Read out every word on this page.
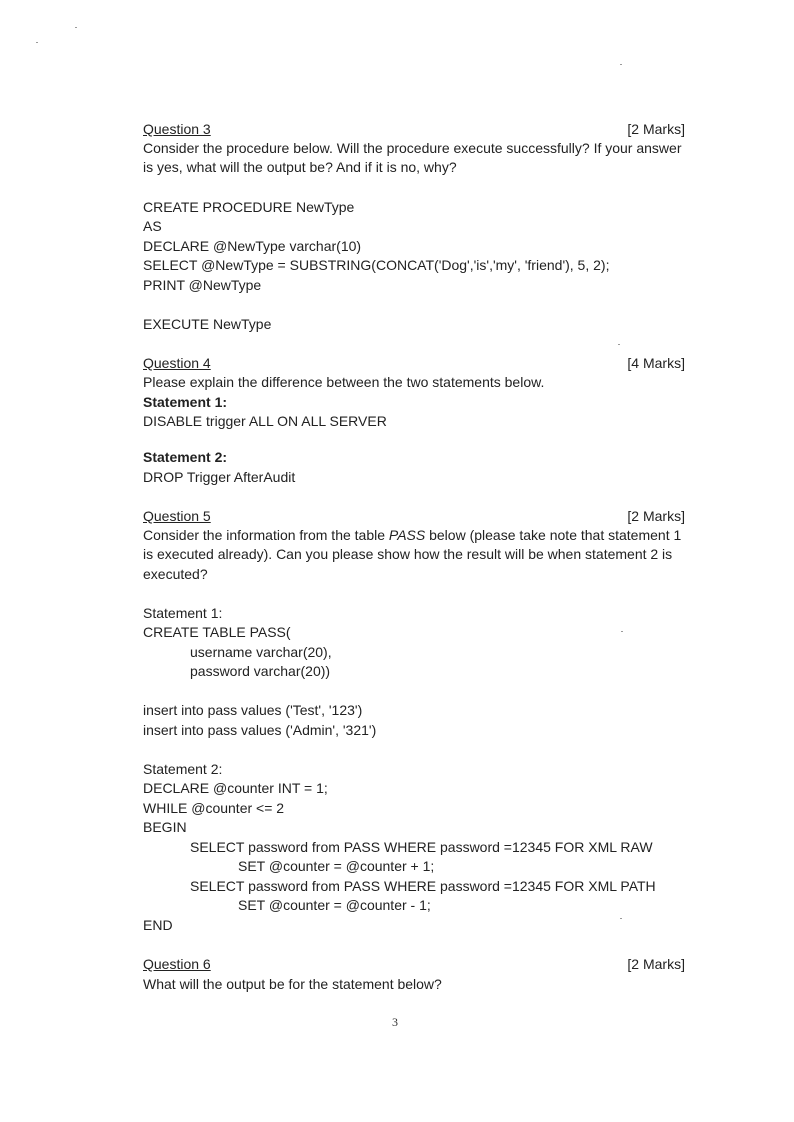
Question 3	[2 Marks]
Consider the procedure below. Will the procedure execute successfully? If your answer
is yes, what will the output be? And if it is no, why?
CREATE PROCEDURE NewType
AS
DECLARE @NewType varchar(10)
SELECT @NewType = SUBSTRING(CONCAT('Dog','is','my', 'friend'), 5, 2);
PRINT @NewType
EXECUTE NewType
Question 4	[4 Marks]
Please explain the difference between the two statements below.
Statement 1:
DISABLE trigger ALL ON ALL SERVER
Statement 2:
DROP Trigger AfterAudit
Question 5	[2 Marks]
Consider the information from the table PASS below (please take note that statement 1
is executed already). Can you please show how the result will be when statement 2 is
executed?
Statement 1:
CREATE TABLE PASS(
username varchar(20),
password varchar(20))
insert into pass values ('Test', '123')
insert into pass values ('Admin', '321')
Statement 2:
DECLARE @counter INT = 1;
WHILE @counter <= 2
BEGIN
SELECT password from PASS WHERE password =12345 FOR XML RAW
SET @counter = @counter + 1;
SELECT password from PASS WHERE password =12345 FOR XML PATH
SET @counter = @counter - 1;
END
Question 6	[2 Marks]
What will the output be for the statement below?
3
